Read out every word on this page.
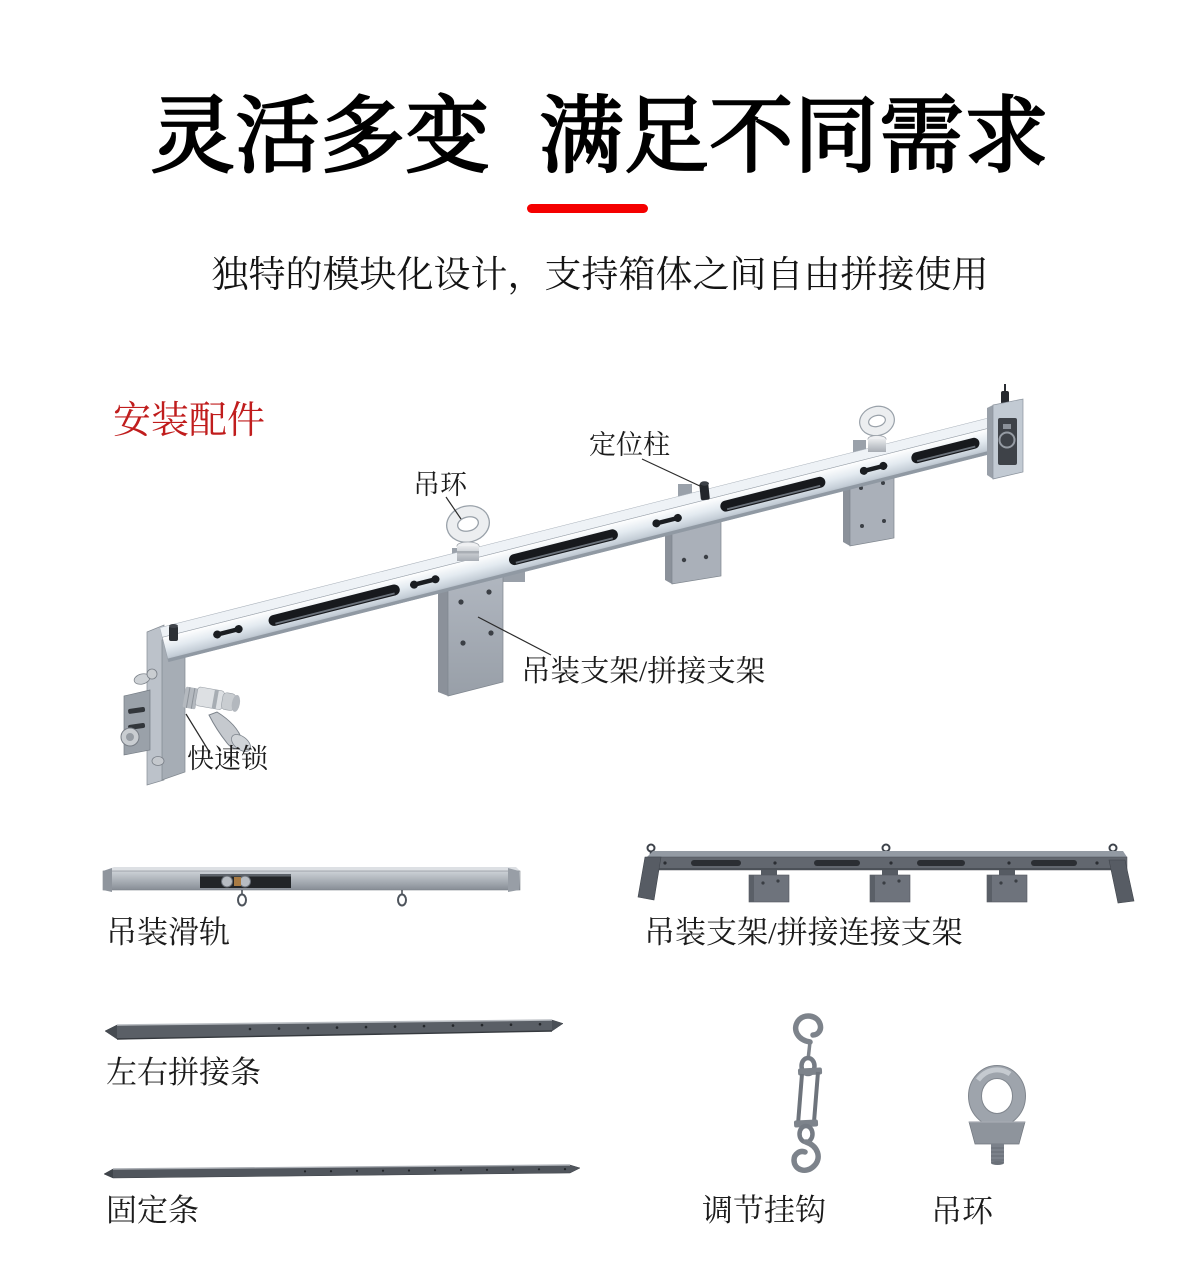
灵活多变  满足不同需求
独特的模块化设计，支持箱体之间自由拼接使用
安装配件
吊环
定位柱
吊装支架/拼接支架
快速锁
吊装滑轨	吊装支架/拼接连接支架
左右拼接条
固定条	调节挂钩	吊环
